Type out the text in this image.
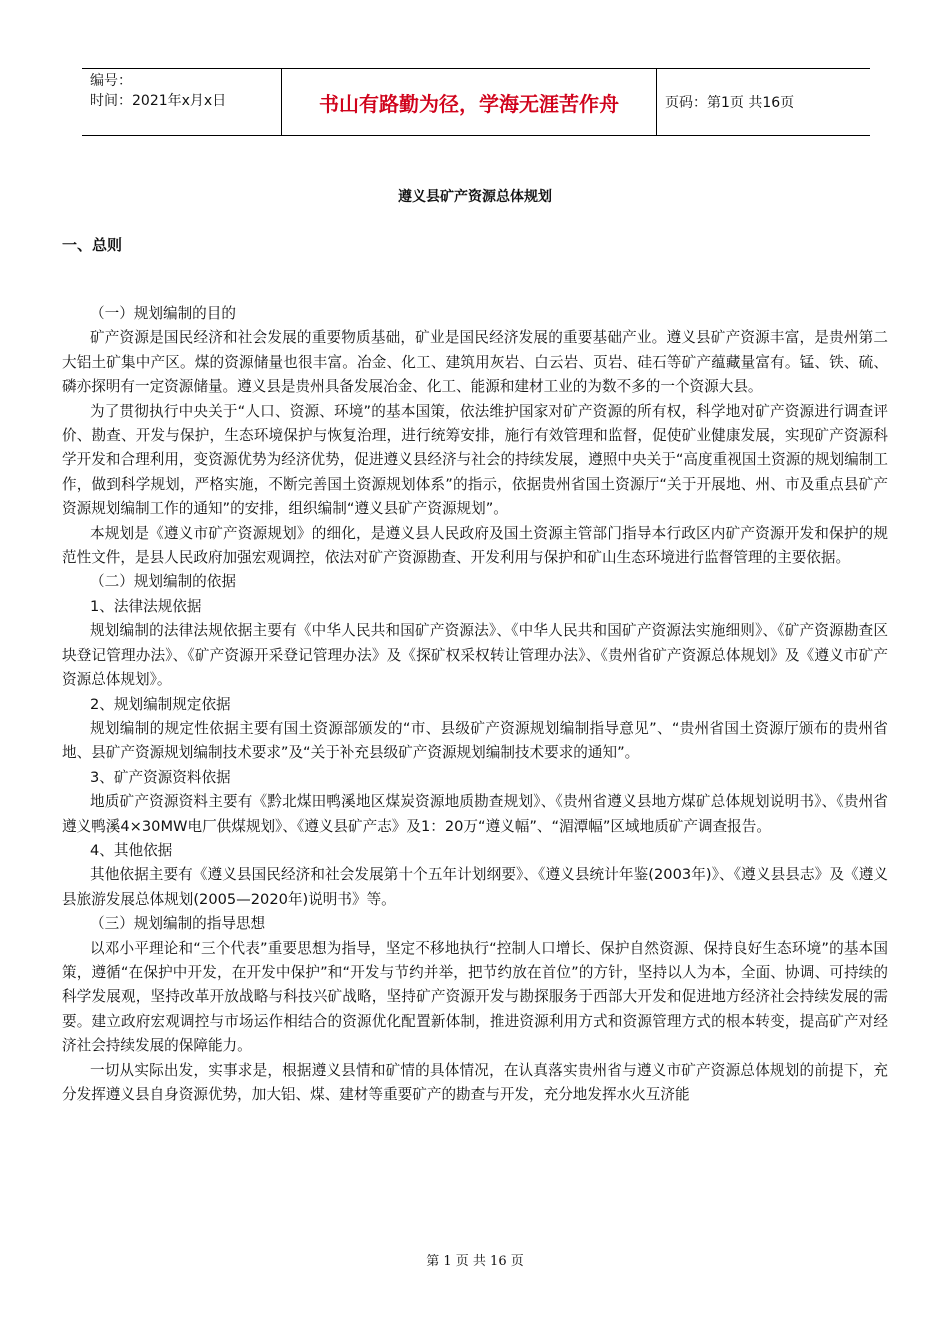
编号：
时间：2021年x月x日	书山有路勤为径，学海无涯苦作舟	页码：第1页 共16页
遵义县矿产资源总体规划
一、总则

（一）规划编制的目的

矿产资源是国民经济和社会发展的重要物质基础，矿业是国民经济发展的重要基础产业。遵义县矿产资源丰富，是贵州第二大铝土矿集中产区。煤的资源储量也很丰富。冶金、化工、建筑用灰岩、白云岩、页岩、硅石等矿产蕴藏量富有。锰、铁、硫、磷亦探明有一定资源储量。遵义县是贵州具备发展冶金、化工、能源和建材工业的为数不多的一个资源大县。

为了贯彻执行中央关于“人口、资源、环境”的基本国策，依法维护国家对矿产资源的所有权，科学地对矿产资源进行调查评价、勘查、开发与保护，生态环境保护与恢复治理，进行统筹安排，施行有效管理和监督，促使矿业健康发展，实现矿产资源科学开发和合理利用，变资源优势为经济优势，促进遵义县经济与社会的持续发展，遵照中央关于“高度重视国土资源的规划编制工作，做到科学规划，严格实施，不断完善国土资源规划体系”的指示，依据贵州省国土资源厅“关于开展地、州、市及重点县矿产资源规划编制工作的通知”的安排，组织编制“遵义县矿产资源规划”。

本规划是《遵义市矿产资源规划》的细化，是遵义县人民政府及国土资源主管部门指导本行政区内矿产资源开发和保护的规范性文件，是县人民政府加强宏观调控，依法对矿产资源勘查、开发利用与保护和矿山生态环境进行监督管理的主要依据。

（二）规划编制的依据

1、法律法规依据

规划编制的法律法规依据主要有《中华人民共和国矿产资源法》、《中华人民共和国矿产资源法实施细则》、《矿产资源勘查区块登记管理办法》、《矿产资源开采登记管理办法》及《探矿权采权转让管理办法》、《贵州省矿产资源总体规划》及《遵义市矿产资源总体规划》。

2、规划编制规定依据

规划编制的规定性依据主要有国土资源部颁发的“市、县级矿产资源规划编制指导意见”、“贵州省国土资源厅颁布的贵州省地、县矿产资源规划编制技术要求”及“关于补充县级矿产资源规划编制技术要求的通知”。

3、矿产资源资料依据

地质矿产资源资料主要有《黔北煤田鸭溪地区煤炭资源地质勘查规划》、《贵州省遵义县地方煤矿总体规划说明书》、《贵州省遵义鸭溪4×30MW电厂供煤规划》、《遵义县矿产志》及1：20万“遵义幅”、“湄潭幅”区域地质矿产调查报告。

4、其他依据

其他依据主要有《遵义县国民经济和社会发展第十个五年计划纲要》、《遵义县统计年鉴(2003年)》、《遵义县县志》及《遵义县旅游发展总体规划(2005—2020年)说明书》等。

（三）规划编制的指导思想

以邓小平理论和“三个代表”重要思想为指导，坚定不移地执行“控制人口增长、保护自然资源、保持良好生态环境”的基本国策，遵循“在保护中开发，在开发中保护”和“开发与节约并举，把节约放在首位”的方针，坚持以人为本，全面、协调、可持续的科学发展观，坚持改革开放战略与科技兴矿战略，坚持矿产资源开发与勘探服务于西部大开发和促进地方经济社会持续发展的需要。建立政府宏观调控与市场运作相结合的资源优化配置新体制，推进资源利用方式和资源管理方式的根本转变，提高矿产对经济社会持续发展的保障能力。

一切从实际出发，实事求是，根据遵义县情和矿情的具体情况，在认真落实贵州省与遵义市矿产资源总体规划的前提下，充分发挥遵义县自身资源优势，加大铝、煤、建材等重要矿产的勘查与开发，充分地发挥水火互济能

第 1 页 共 16 页
